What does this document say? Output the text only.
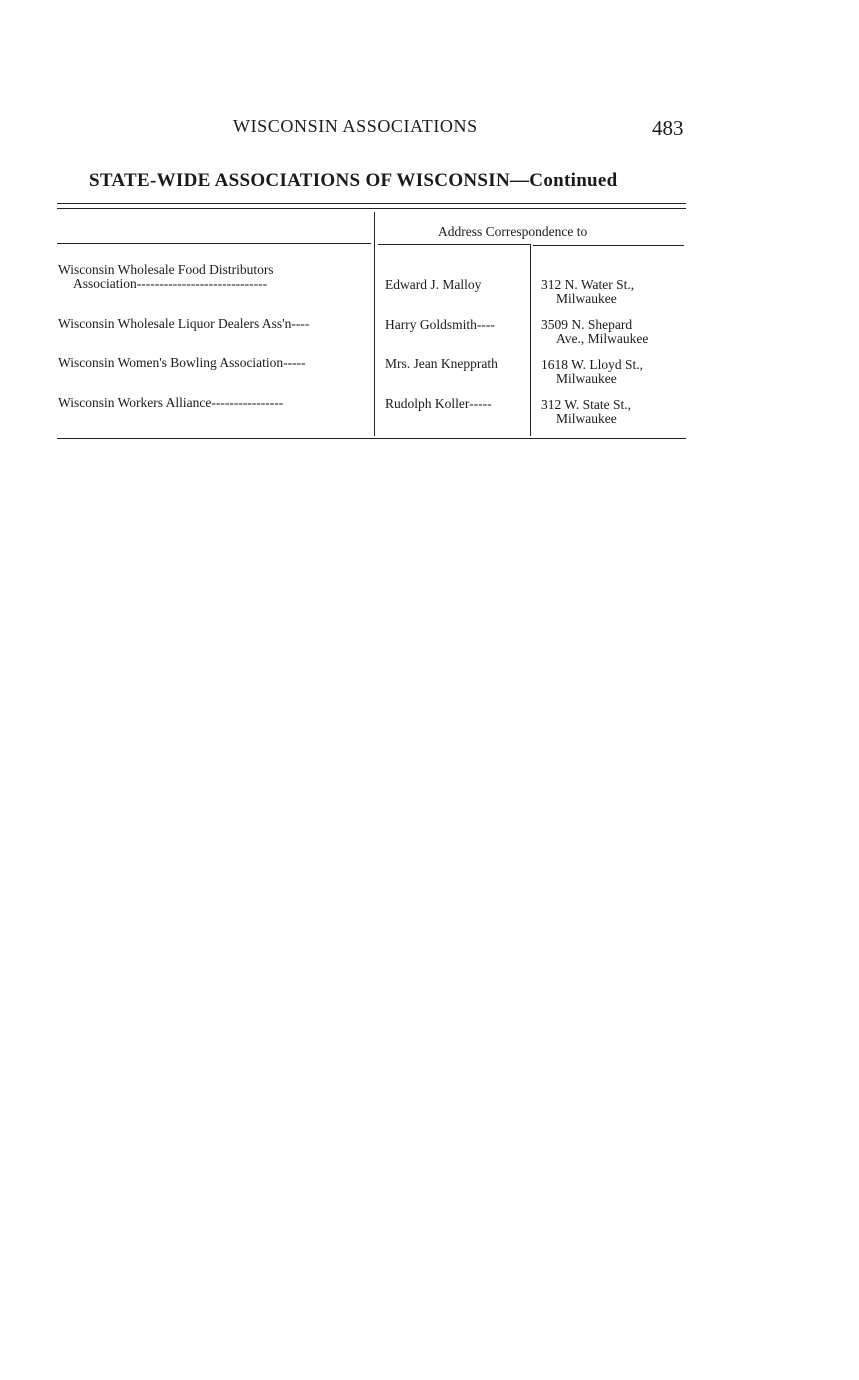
WISCONSIN ASSOCIATIONS	483
STATE-WIDE ASSOCIATIONS OF WISCONSIN—Continued
Address Correspondence to
Wisconsin Wholesale Food Distributors
Association-----------------------------	Edward J. Malloy	312 N. Water St.,
Milwaukee
Wisconsin Wholesale Liquor Dealers Ass'n----	Harry Goldsmith----	3509 N. Shepard
Ave., Milwaukee
Wisconsin Women's Bowling Association-----	Mrs. Jean Knepprath	1618 W. Lloyd St.,
Milwaukee
Wisconsin Workers Alliance----------------	Rudolph Koller-----	312 W. State St.,
Milwaukee
